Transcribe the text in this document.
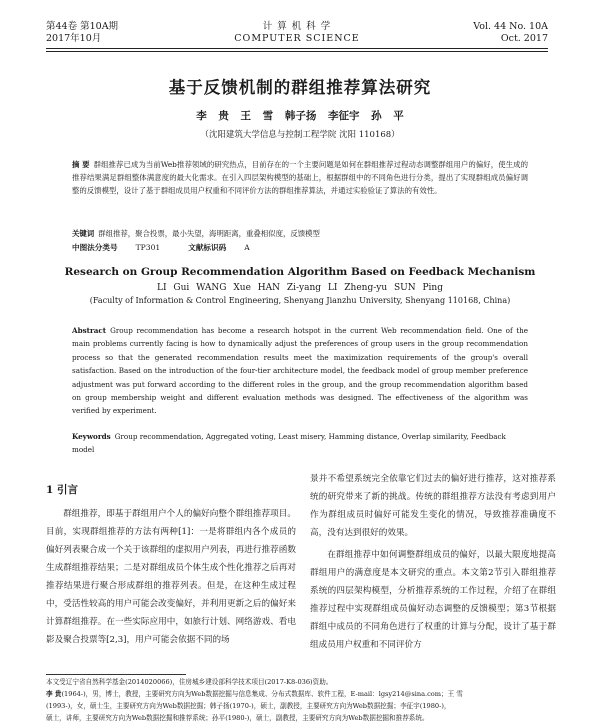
第44卷 第10A期
2017年10月
计 算 机 科 学
COMPUTER SCIENCE
Vol. 44 No. 10A
Oct. 2017
基于反馈机制的群组推荐算法研究
李 贵 王 雪 韩子扬 李征宇 孙 平
（沈阳建筑大学信息与控制工程学院 沈阳 110168）
摘 要 群组推荐已成为当前Web推荐领域的研究热点，目前存在的一个主要问题是如何在群组推荐过程动态调整群组用户的偏好，使生成的推荐结果满足群组整体满意度的最大化需求。在引入四层架构模型的基础上，根据群组中的不同角色进行分类，提出了实现群组成员偏好调整的反馈模型，设计了基于群组成员用户权重和不同评价方法的群组推荐算法，并通过实验验证了算法的有效性。
关键词 群组推荐，聚合投票，最小失望，海明距离，重叠相似度，反馈模型
中图法分类号 TP301	文献标识码 A
Research on Group Recommendation Algorithm Based on Feedback Mechanism
LI Gui WANG Xue HAN Zi-yang LI Zheng-yu SUN Ping
(Faculty of Information & Control Engineering, Shenyang Jianzhu University, Shenyang 110168, China)
Abstract Group recommendation has become a research hotspot in the current Web recommendation field. One of the main problems currently facing is how to dynamically adjust the preferences of group users in the group recommendation process so that the generated recommendation results meet the maximization requirements of the group's overall satisfaction. Based on the introduction of the four-tier architecture model, the feedback model of group member preference adjustment was put forward according to the different roles in the group, and the group recommendation algorithm based on group membership weight and different evaluation methods was designed. The effectiveness of the algorithm was verified by experiment.
Keywords Group recommendation, Aggregated voting, Least misery, Hamming distance, Overlap similarity, Feedback model
1 引言

群组推荐，即基于群组用户个人的偏好向整个群组推荐项目。目前，实现群组推荐的方法有两种[1]：一是将群组内各个成员的偏好列表聚合成一个关于该群组的虚拟用户列表，再进行推荐函数生成群组推荐结果；二是对群组成员个体生成个性化推荐之后再对推荐结果进行聚合形成群组的推荐列表。但是，在这种生成过程中，受活性较高的用户可能会改变偏好，并利用更新之后的偏好来计算群组推荐。在一些实际应用中，如旅行计划、网络游戏、看电影及聚合投票等[2,3]，用户可能会依据不同的场

景并不希望系统完全依靠它们过去的偏好进行推荐，这对推荐系统的研究带来了新的挑战。传统的群组推荐方法没有考虑到用户作为群组成员时偏好可能发生变化的情况，导致推荐准确度不高，没有达到很好的效果。

在群组推荐中如何调整群组成员的偏好，以最大限度地提高群组用户的满意度是本文研究的重点。本文第2节引入群组推荐系统的四层架构模型，分析推荐系统的工作过程，介绍了在群组推荐过程中实现群组成员偏好动态调整的反馈模型；第3节根据群组中成员的不同角色进行了权重的计算与分配，设计了基于群组成员用户权重和不同评价方

本文受辽宁省自然科学基金(2014020066)，住房城乡建设部科学技术项目(2017-K8-036)资助。
李 贵(1964-)，男，博士，教授，主要研究方向为Web数据挖掘与信息集成、分布式数据库、软件工程，E-mail：lgsy214@sina.com；王 雪
(1993-)，女，硕士生，主要研究方向为Web数据挖掘；韩子扬(1970-)，硕士，副教授，主要研究方向为Web数据挖掘；李征宇(1980-)，
硕士，讲师，主要研究方向为Web数据挖掘和推荐系统；孙平(1980-)，硕士，副教授，主要研究方向为Web数据挖掘和推荐系统。
